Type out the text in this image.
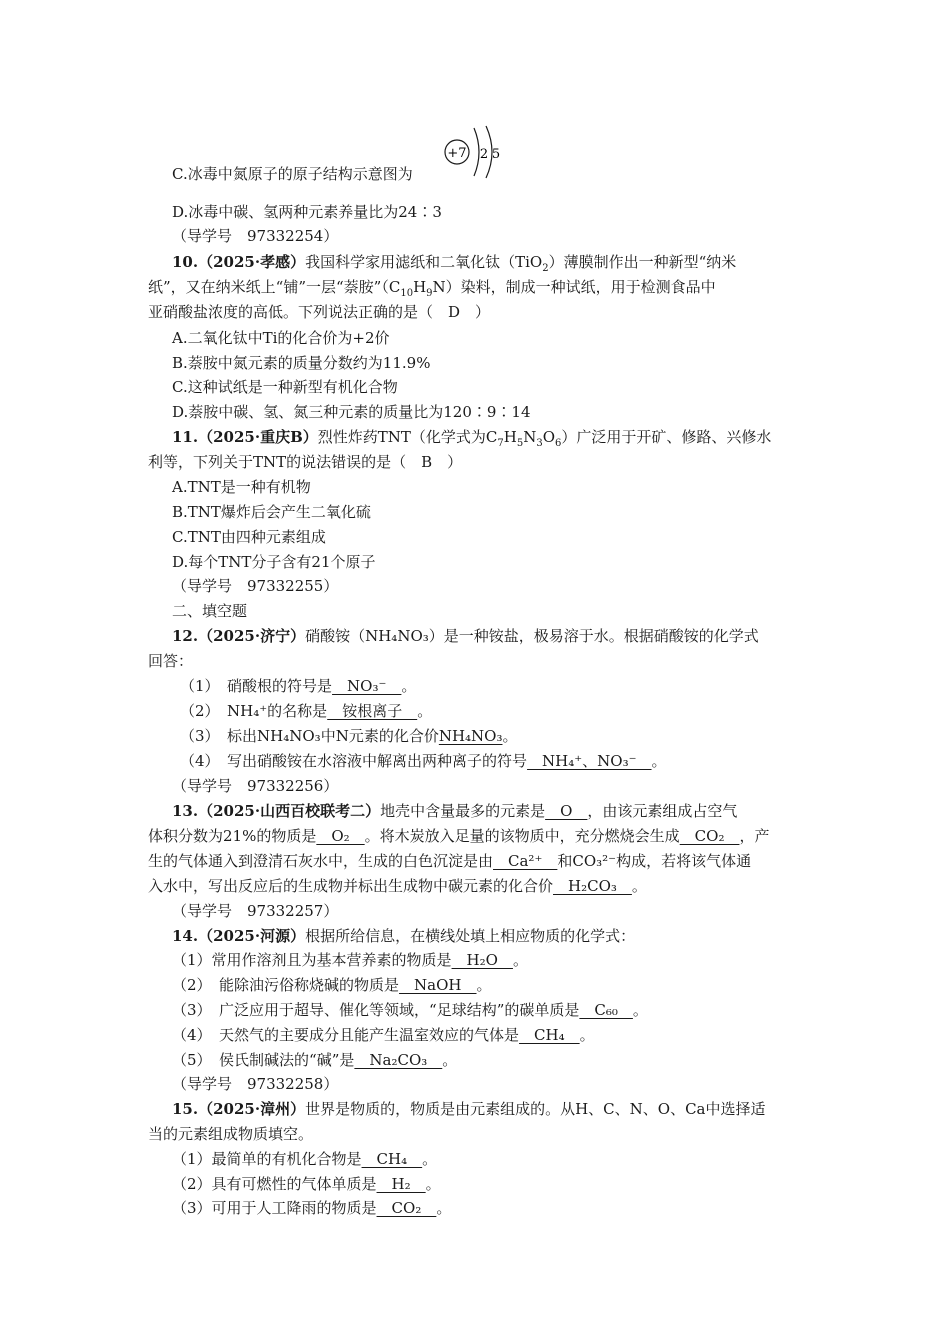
C.冰毒中氮原子的原子结构示意图为
+7 2 5
D.冰毒中碳、氢两种元素养量比为24∶3
（导学号　97332254）
10.（2025·孝感）我国科学家用滤纸和二氧化钛（TiO$_2$）薄膜制作出一种新型“纳米
纸”，又在纳米纸上“铺”一层“萘胺$”(C_{10}H_9N)$染料，制成一种试纸，用于检测食品中
亚硝酸盐浓度的高低。下列说法正确的是（　D　）
A.二氧化钛中Ti的化合价为+2价
B.萘胺中氮元素的质量分数约为11.9%
C.这种试纸是一种新型有机化合物
D.萘胺中碳、氢、氮三种元素的质量比为120∶9∶14
11.（2025·重庆B）烈性炸药TNT（化学式为$C_7H_5N_3O_6$）广泛用于开矿、修路、兴修水
利等，下列关于TNT的说法错误的是（　B　）
A.TNT是一种有机物
B.TNT爆炸后会产生二氧化硫
C.TNT由四种元素组成
D.每个TNT分子含有21个原子
（导学号　97332255）
二、填空题
12.（2025·济宁）硝酸铵（NH₄NO₃）是一种铵盐，极易溶于水。根据硝酸铵的化学式
回答：
（1）　硝酸根的符号是　NO₃⁻　。
（2）　NH₄⁺的名称是　铵根离子　。
（3）　标出NH₄NO₃中N元素的化合价NH₄NO₃。
（4）　写出硝酸铵在水溶液中解离出两种离子的符号　NH₄⁺、NO₃⁻　。
（导学号　97332256）
13.（2025·山西百校联考二）地壳中含量最多的元素是　O　，由该元素组成占空气
体积分数为21%的物质是　O₂　。将木炭放入足量的该物质中，充分燃烧会生成　CO₂　，产
生的气体通入到澄清石灰水中，生成的白色沉淀是由　Ca²⁺　和CO₃²⁻构成，若将该气体通
入水中，写出反应后的生成物并标出生成物中碳元素的化合价　H₂CO₃　。
（导学号　97332257）
14.（2025·河源）根据所给信息，在横线处填上相应物质的化学式：
（1）常用作溶剂且为基本营养素的物质是　H₂O　。
（2）　能除油污俗称烧碱的物质是　NaOH　。
（3）　广泛应用于超导、催化等领域，“足球结构”的碳单质是　C₆₀　。
（4）　天然气的主要成分且能产生温室效应的气体是　CH₄　。
（5）　侯氏制碱法的“碱”是　Na₂CO₃　。
（导学号　97332258）
15.（2025·漳州）世界是物质的，物质是由元素组成的。从H、C、N、O、Ca中选择适
当的元素组成物质填空。
（1）最简单的有机化合物是　CH₄　。
（2）具有可燃性的气体单质是　H₂　。
（3）可用于人工降雨的物质是　CO₂　。
